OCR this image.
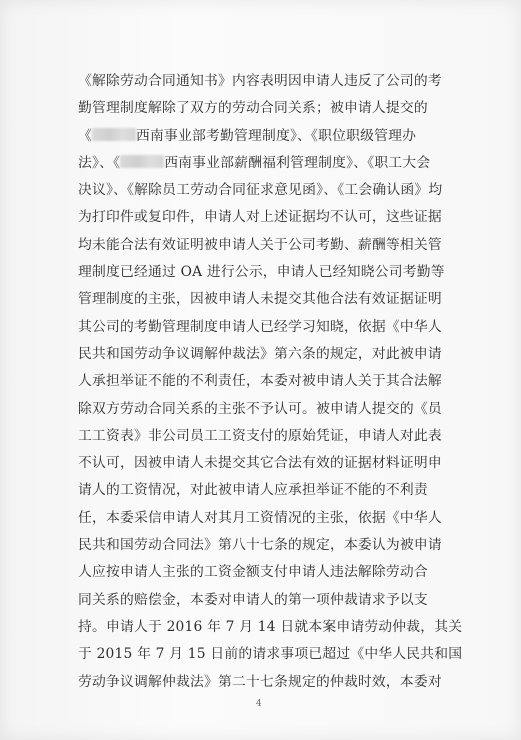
《解除劳动合同通知书》内容表明因申请人违反了公司的考
勤管理制度解除了双方的劳动合同关系；被申请人提交的
《	西南事业部考勤管理制度》、《职位职级管理办
法》、《	西南事业部薪酬福利管理制度》、《职工大会
决议》、《解除员工劳动合同征求意见函》、《工会确认函》均
为打印件或复印件，申请人对上述证据均不认可，这些证据
均未能合法有效证明被申请人关于公司考勤、薪酬等相关管
理制度已经通过 OA 进行公示，申请人已经知晓公司考勤等
管理制度的主张，因被申请人未提交其他合法有效证据证明
其公司的考勤管理制度申请人已经学习知晓，依据《中华人
民共和国劳动争议调解仲裁法》第六条的规定，对此被申请
人承担举证不能的不利责任，本委对被申请人关于其合法解
除双方劳动合同关系的主张不予认可。被申请人提交的《员
工工资表》非公司员工工资支付的原始凭证，申请人对此表
不认可，因被申请人未提交其它合法有效的证据材料证明申
请人的工资情况，对此被申请人应承担举证不能的不利责
任，本委采信申请人对其月工资情况的主张，依据《中华人
民共和国劳动合同法》第八十七条的规定，本委认为被申请
人应按申请人主张的工资金额支付申请人违法解除劳动合
同关系的赔偿金，本委对申请人的第一项仲裁请求予以支
持。申请人于 2016 年 7 月 14 日就本案申请劳动仲裁，其关
于 2015 年 7 月 15 日前的请求事项已超过《中华人民共和国
劳动争议调解仲裁法》第二十七条规定的仲裁时效，本委对
4
